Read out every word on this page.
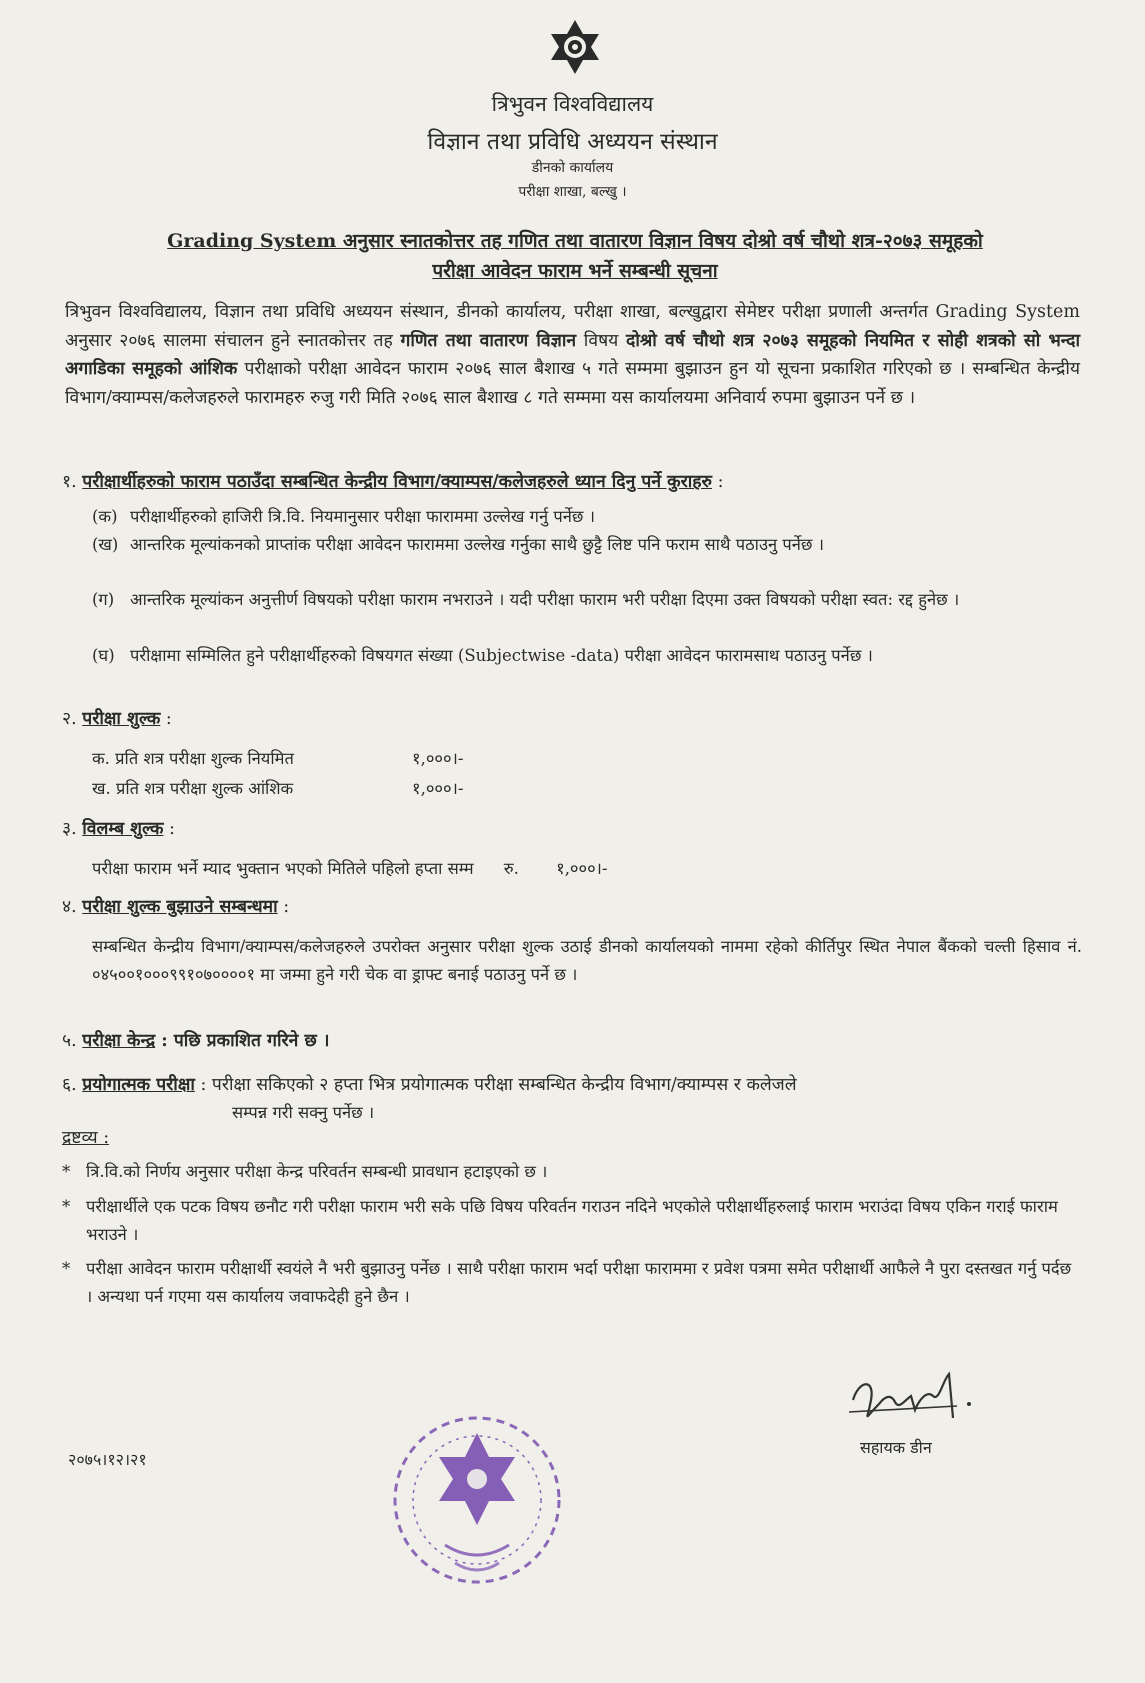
त्रिभुवन विश्वविद्यालय
विज्ञान तथा प्रविधि अध्ययन संस्थान
डीनको कार्यालय
परीक्षा शाखा, बल्खु ।
Grading System अनुसार स्नातकोत्तर तह गणित तथा वातारण विज्ञान विषय दोश्रो वर्ष चौथो शत्र-२०७३ समूहको
परीक्षा आवेदन फाराम भर्ने सम्बन्धी सूचना
त्रिभुवन विश्वविद्यालय, विज्ञान तथा प्रविधि अध्ययन संस्थान, डीनको कार्यालय, परीक्षा शाखा, बल्खुद्वारा सेमेष्टर परीक्षा प्रणाली अन्तर्गत Grading System अनुसार २०७६ सालमा संचालन हुने स्नातकोत्तर तह गणित तथा वातारण विज्ञान विषय दोश्रो वर्ष चौथो शत्र २०७३ समूहको नियमित र सोही शत्रको सो भन्दा अगाडिका समूहको आंशिक परीक्षाको परीक्षा आवेदन फाराम २०७६ साल बैशाख ५ गते सम्ममा बुझाउन हुन यो सूचना प्रकाशित गरिएको छ । सम्बन्धित केन्द्रीय विभाग/क्याम्पस/कलेजहरुले फारामहरु रुजु गरी मिति २०७६ साल बैशाख ८ गते सम्ममा यस कार्यालयमा अनिवार्य रुपमा बुझाउन पर्ने छ ।
१. परीक्षार्थीहरुको फाराम पठाउँदा सम्बन्धित केन्द्रीय विभाग/क्याम्पस/कलेजहरुले ध्यान दिनु पर्ने कुराहरु :
(क) परीक्षार्थीहरुको हाजिरी त्रि.वि. नियमानुसार परीक्षा फाराममा उल्लेख गर्नु पर्नेछ ।
(ख) आन्तरिक मूल्यांकनको प्राप्तांक परीक्षा आवेदन फाराममा उल्लेख गर्नुका साथै छुट्टै लिष्ट पनि फराम साथै पठाउनु पर्नेछ ।
(ग) आन्तरिक मूल्यांकन अनुत्तीर्ण विषयको परीक्षा फाराम नभराउने । यदी परीक्षा फाराम भरी परीक्षा दिएमा उक्त विषयको परीक्षा स्वत: रद्द हुनेछ ।
(घ) परीक्षामा सम्मिलित हुने परीक्षार्थीहरुको विषयगत संख्या (Subjectwise -data) परीक्षा आवेदन फारामसाथ पठाउनु पर्नेछ ।
२. परीक्षा शुल्क :
क. प्रति शत्र परीक्षा शुल्क नियमित	१,०००।-
ख. प्रति शत्र परीक्षा शुल्क आंशिक	१,०००।-
३. विलम्ब शुल्क :
परीक्षा फाराम भर्ने म्याद भुक्तान भएको मितिले पहिलो हप्ता सम्म रु. १,०००।-
४. परीक्षा शुल्क बुझाउने सम्बन्धमा :
सम्बन्धित केन्द्रीय विभाग/क्याम्पस/कलेजहरुले उपरोक्त अनुसार परीक्षा शुल्क उठाई डीनको कार्यालयको नाममा रहेको कीर्तिपुर स्थित नेपाल बैंकको चल्ती हिसाव नं. ०४५००१०००९९१०७००००१ मा जम्मा हुने गरी चेक वा ड्राफ्ट बनाई पठाउनु पर्ने छ ।
५. परीक्षा केन्द्र : पछि प्रकाशित गरिने छ ।
६. प्रयोगात्मक परीक्षा : परीक्षा सकिएको २ हप्ता भित्र प्रयोगात्मक परीक्षा सम्बन्धित केन्द्रीय विभाग/क्याम्पस र कलेजले
सम्पन्न गरी सक्नु पर्नेछ ।
द्रष्टव्य :
* त्रि.वि.को निर्णय अनुसार परीक्षा केन्द्र परिवर्तन सम्बन्धी प्रावधान हटाइएको छ ।
* परीक्षार्थीले एक पटक विषय छनौट गरी परीक्षा फाराम भरी सके पछि विषय परिवर्तन गराउन नदिने भएकोले परीक्षार्थीहरुलाई फाराम भराउंदा विषय एकिन गराई फाराम भराउने ।
* परीक्षा आवेदन फाराम परीक्षार्थी स्वयंले नै भरी बुझाउनु पर्नेछ । साथै परीक्षा फाराम भर्दा परीक्षा फाराममा र प्रवेश पत्रमा समेत परीक्षार्थी आफैले नै पुरा दस्तखत गर्नु पर्दछ । अन्यथा पर्न गएमा यस कार्यालय जवाफदेही हुने छैन ।
२०७५।१२।२१
सहायक डीन
